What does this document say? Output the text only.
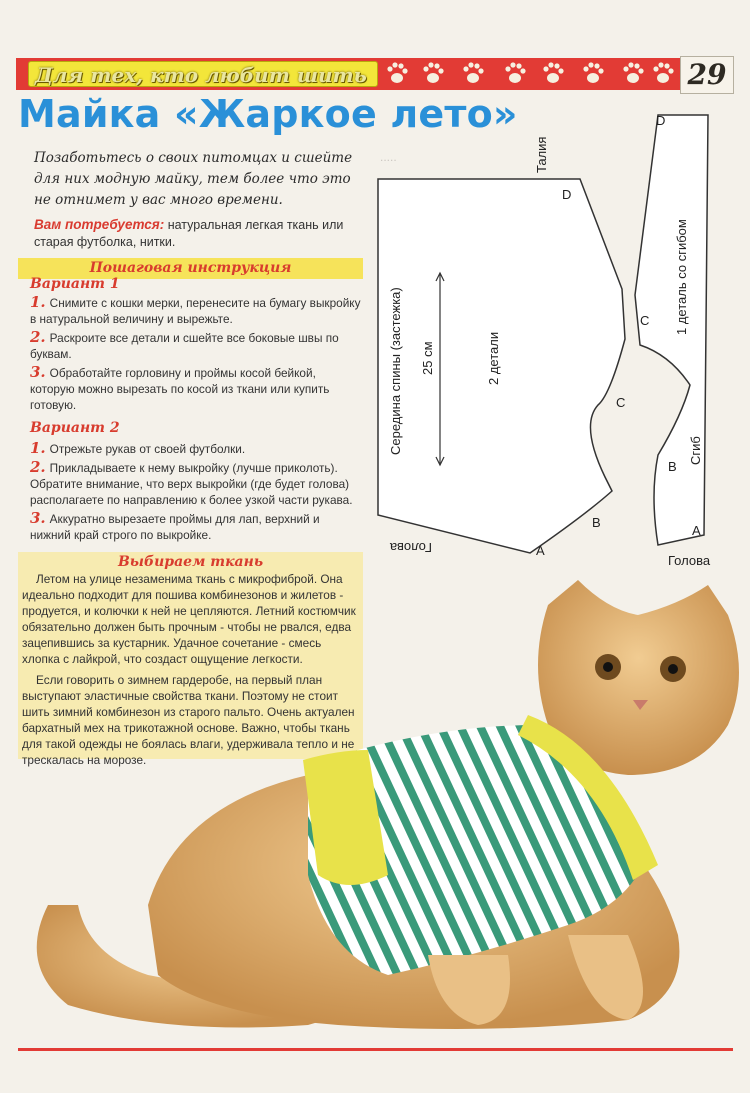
Для тех, кто любит шить	29
Майка «Жаркое лето»

Позаботьтесь о своих питомцах и сшейте для них модную майку, тем более что это не отнимет у вас много времени.

Вам потребуется: натуральная легкая ткань или старая футболка, нитки.

Пошаговая инструкция
Вариант 1
1. Снимите с кошки мерки, перенесите на бумагу выкройку в натуральной величину и вырежьте.
2. Раскроите все детали и сшейте все боковые швы по буквам.
3. Обработайте горловину и проймы косой бейкой, которую можно вырезать по косой из ткани или купить готовую.
Вариант 2
1. Отрежьте рукав от своей футболки.
2. Прикладываете к нему выкройку (лучше приколоть). Обратите внимание, что верх выкройки (где будет голова) располагаете по направлению к более узкой части рукава.
3. Аккуратно вырезаете проймы для лап, верхний и нижний край строго по выкройке.
Выбираем ткань

Летом на улице незаменима ткань с микрофиброй. Она идеально подходит для пошива комбинезонов и жилетов - продуется, и колючки к ней не цепляются. Летний костюмчик обязательно должен быть прочным - чтобы не рвался, едва зацепившись за кустарник. Удачное сочетание - смесь хлопка с лайкрой, что создаст ощущение легкости.

Если говорить о зимнем гардеробе, на первый план выступают эластичные свойства ткани. Поэтому не стоит шить зимний комбинезон из старого пальто. Очень актуален бархатный мех на трикотажной основе. Важно, чтобы ткань для такой одежды не боялась влаги, удерживала тепло и не трескалась на морозе.

.....
Середина спины (застежка) 25 см	2 детали
Талия
Голова
D
C
B
A
1 деталь со сгибом
Сгиб
Голова
D
C
B
A
